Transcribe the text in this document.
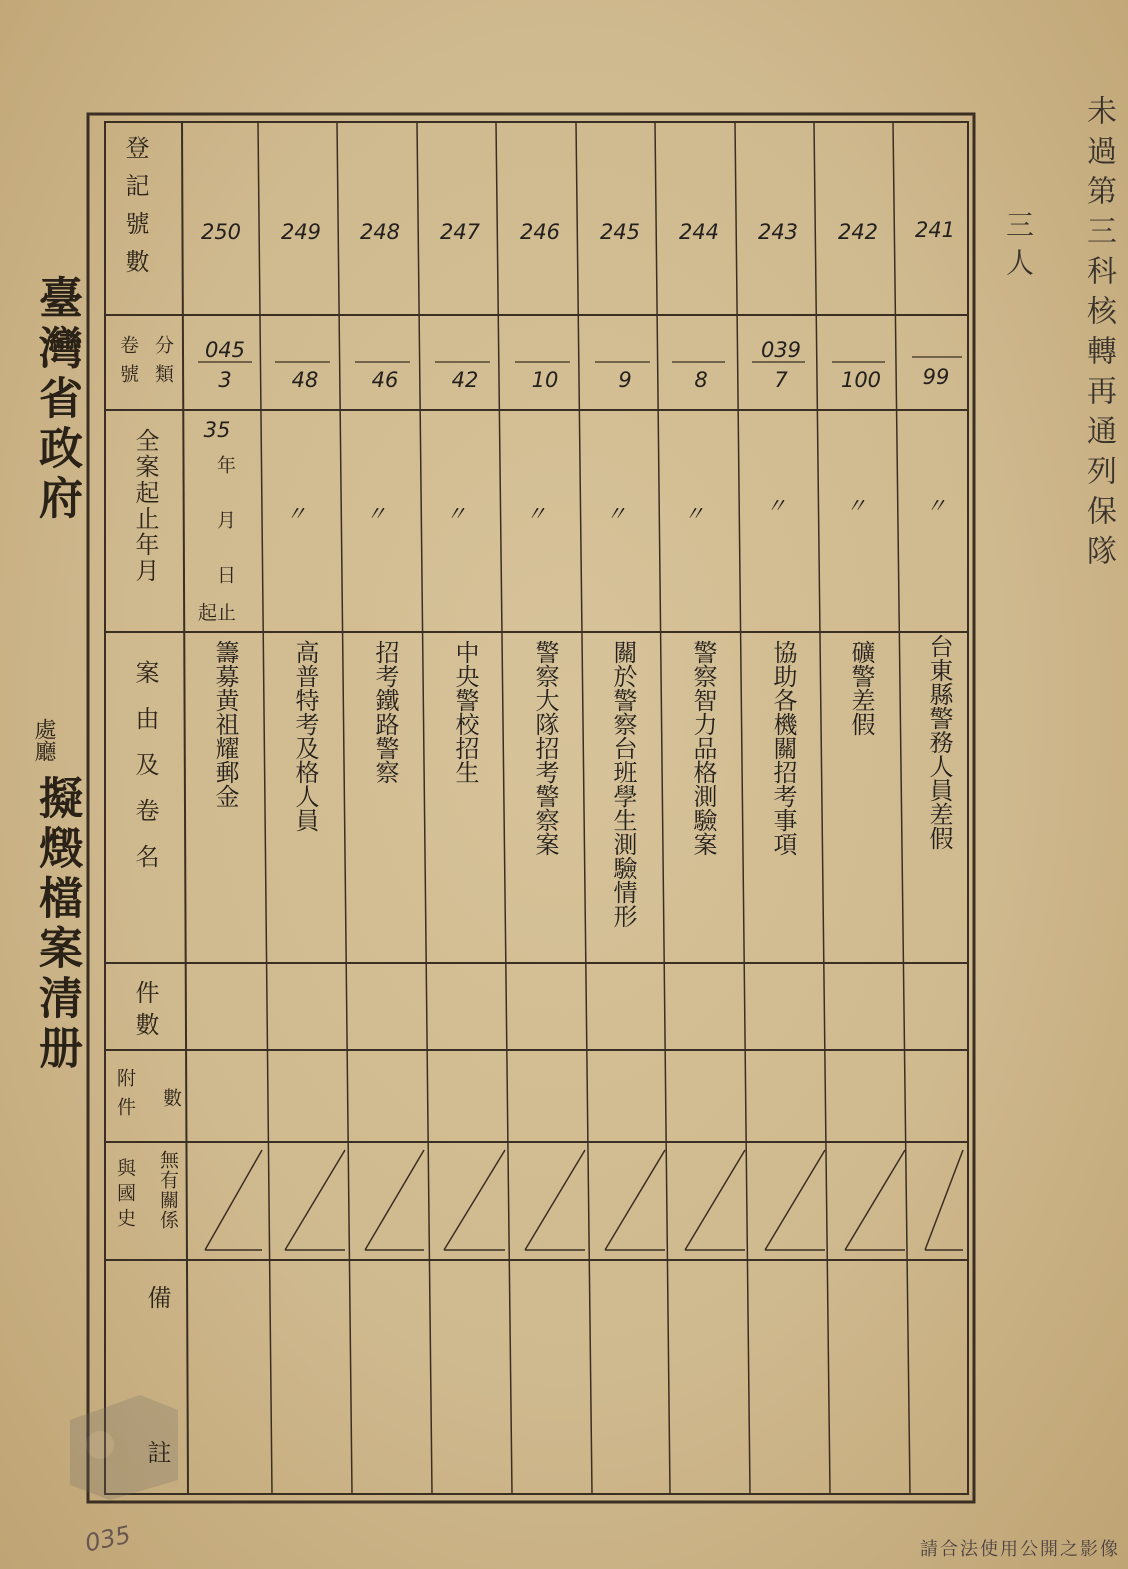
臺灣省政府
處廳
擬燬檔案清册
未過第三科核轉再通列保隊
三人
登記號數
分類
卷號
全案起止年月
案由及卷名
件數
附件 數
與國史 無有關係
備
註
年
月
日
起止
250
045
3
35
籌募黄祖耀郵金
249
48
〃
高普特考及格人員
248
46
〃
招考鐵路警察
247
42
〃
中央警校招生
246
10
〃
警察大隊招考警察案
245
9
〃
關於警察台班學生測驗情形
244
8
〃
警察智力品格測驗案
243
039
7
〃
協助各機關招考事項
242
100
〃
礦警差假
241
99
〃
台東縣警務人員差假
035	請合法使用公開之影像
